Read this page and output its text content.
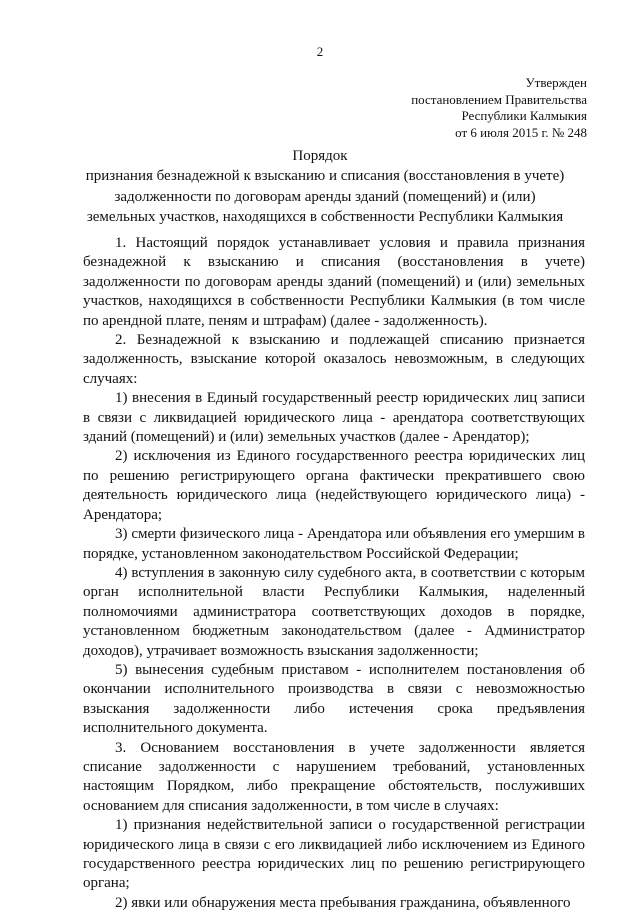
2
Утвержден
постановлением Правительства
Республики Калмыкия
от 6 июля 2015 г. № 248
Порядок
признания безнадежной к взысканию и списания (восстановления в учете) задолженности по договорам аренды зданий (помещений) и (или) земельных участков, находящихся в собственности Республики Калмыкия

1. Настоящий порядок устанавливает условия и правила признания безнадежной к взысканию и списания (восстановления в учете) задолженности по договорам аренды зданий (помещений) и (или) земельных участков, находящихся в собственности Республики Калмыкия (в том числе по арендной плате, пеням и штрафам) (далее - задолженность).

2. Безнадежной к взысканию и подлежащей списанию признается задолженность, взыскание которой оказалось невозможным, в следующих случаях:

1) внесения в Единый государственный реестр юридических лиц записи в связи с ликвидацией юридического лица - арендатора соответствующих зданий (помещений) и (или) земельных участков (далее - Арендатор);

2) исключения из Единого государственного реестра юридических лиц по решению регистрирующего органа фактически прекратившего свою деятельность юридического лица (недействующего юридического лица) - Арендатора;

3) смерти физического лица - Арендатора или объявления его умершим в порядке, установленном законодательством Российской Федерации;

4) вступления в законную силу судебного акта, в соответствии с которым орган исполнительной власти Республики Калмыкия, наделенный полномочиями администратора соответствующих доходов в порядке, установленном бюджетным законодательством (далее - Администратор доходов), утрачивает возможность взыскания задолженности;

5) вынесения судебным приставом - исполнителем постановления об окончании исполнительного производства в связи с невозможностью взыскания задолженности либо истечения срока предъявления исполнительного документа.

3. Основанием восстановления в учете задолженности является списание задолженности с нарушением требований, установленных настоящим Порядком, либо прекращение обстоятельств, послуживших основанием для списания задолженности, в том числе в случаях:

1) признания недействительной записи о государственной регистрации юридического лица в связи с его ликвидацией либо исключением из Единого государственного реестра юридических лиц по решению регистрирующего органа;

2) явки или обнаружения места пребывания гражданина, объявленного
